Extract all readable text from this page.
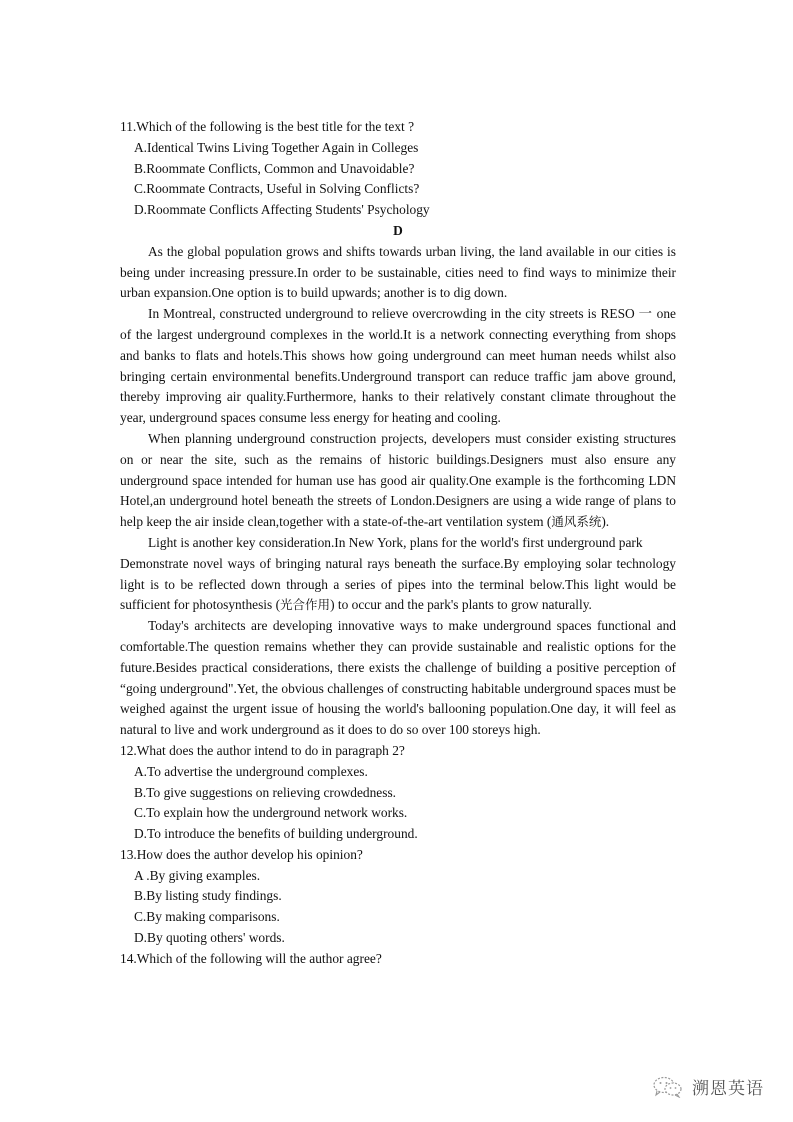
11.Which of the following is the best title for the text ?

A.Identical Twins Living Together Again in Colleges

B.Roommate Conflicts, Common and Unavoidable?

C.Roommate Contracts, Useful in Solving Conflicts?

D.Roommate Conflicts Affecting Students' Psychology

D

As the global population grows and shifts towards urban living, the land available in our cities is being under increasing pressure.In order to be sustainable, cities need to find ways to minimize their urban expansion.One option is to build upwards; another is to dig down.

In Montreal, constructed underground to relieve overcrowding in the city streets is RESO 一 one of the largest underground complexes in the world.It is a network connecting everything from shops and banks to flats and hotels.This shows how going underground can meet human needs whilst also bringing certain environmental benefits.Underground transport can reduce traffic jam above ground, thereby improving air quality.Furthermore, hanks to their relatively constant climate throughout the year, underground spaces consume less energy for heating and cooling.

When planning underground construction projects, developers must consider existing structures on or near the site, such as the remains of historic buildings.Designers must also ensure any underground space intended for human use has good air quality.One example is the forthcoming LDN Hotel,an underground hotel beneath the streets of London.Designers are using a wide range of plans to help keep the air inside clean,together with a state-of-the-art ventilation system (通风系统).

Light is another key consideration.In New York, plans for the world's first underground park

Demonstrate novel ways of bringing natural rays beneath the surface.By employing solar technology light is to be reflected down through a series of pipes into the terminal below.This light would be sufficient for photosynthesis (光合作用) to occur and the park's plants to grow naturally.

Today's architects are developing innovative ways to make underground spaces functional and comfortable.The question remains whether they can provide sustainable and realistic options for the future.Besides practical considerations, there exists the challenge of building a positive perception of “going underground".Yet, the obvious challenges of constructing habitable underground spaces must be weighed against the urgent issue of housing the world's ballooning population.One day, it will feel as natural to live and work underground as it does to do so over 100 storeys high.

12.What does the author intend to do in paragraph 2?

A.To advertise the underground complexes.

B.To give suggestions on relieving crowdedness.

C.To explain how the underground network works.

D.To introduce the benefits of building underground.

13.How does the author develop his opinion?

A .By giving examples.

B.By listing study findings.

C.By making comparisons.

D.By quoting others' words.

14.Which of the following will the author agree?

溯恩英语
